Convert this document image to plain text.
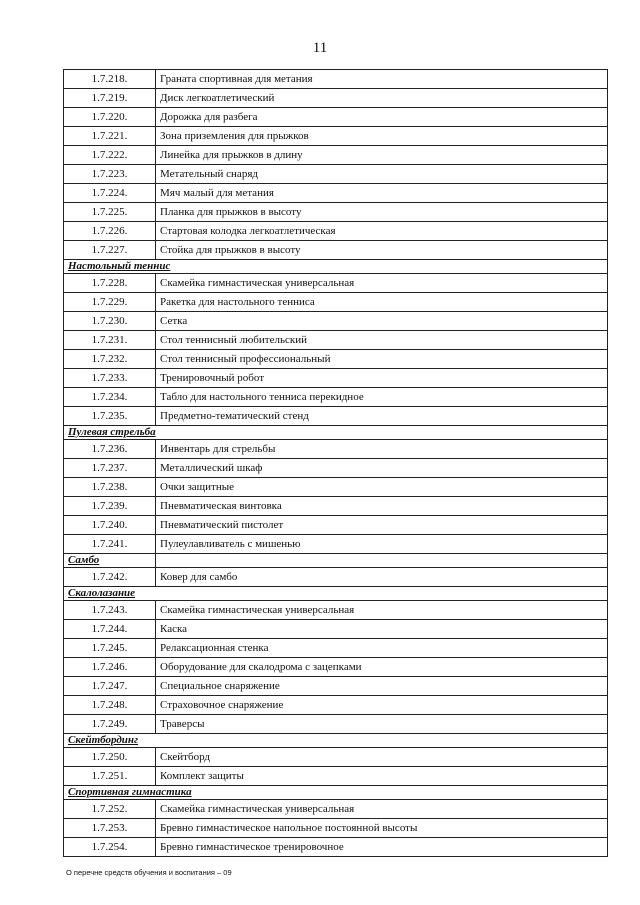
11
1.7.218.	Граната спортивная для метания
1.7.219.	Диск легкоатлетический
1.7.220.	Дорожка для разбега
1.7.221.	Зона приземления для прыжков
1.7.222.	Линейка для прыжков в длину
1.7.223.	Метательный снаряд
1.7.224.	Мяч малый для метания
1.7.225.	Планка для прыжков в высоту
1.7.226.	Стартовая колодка легкоатлетическая
1.7.227.	Стойка для прыжков в высоту
Настольный теннис	
1.7.228.	Скамейка гимнастическая универсальная
1.7.229.	Ракетка для настольного тенниса
1.7.230.	Сетка
1.7.231.	Стол теннисный любительский
1.7.232.	Стол теннисный профессиональный
1.7.233.	Тренировочный робот
1.7.234.	Табло для настольного тенниса перекидное
1.7.235.	Предметно-тематический стенд
Пулевая стрельба	
1.7.236.	Инвентарь для стрельбы
1.7.237.	Металлический шкаф
1.7.238.	Очки защитные
1.7.239.	Пневматическая винтовка
1.7.240.	Пневматический пистолет
1.7.241.	Пулеулавливатель с мишенью
Самбо	
1.7.242.	Ковер для самбо
Скалолазание	
1.7.243.	Скамейка гимнастическая универсальная
1.7.244.	Каска
1.7.245.	Релаксационная стенка
1.7.246.	Оборудование для скалодрома с зацепками
1.7.247.	Специальное снаряжение
1.7.248.	Страховочное снаряжение
1.7.249.	Траверсы
Скейтбординг	
1.7.250.	Скейтборд
1.7.251.	Комплект защиты
Спортивная гимнастика	
1.7.252.	Скамейка гимнастическая универсальная
1.7.253.	Бревно гимнастическое напольное постоянной высоты
1.7.254.	Бревно гимнастическое тренировочное
О перечне средств обучения и воспитания – 09
